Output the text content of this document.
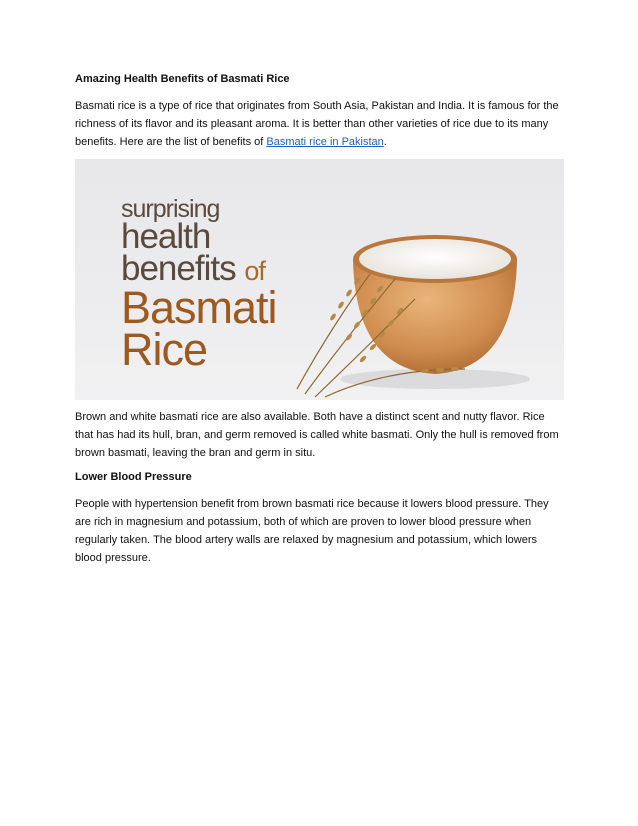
Amazing Health Benefits of Basmati Rice

Basmati rice is a type of rice that originates from South Asia, Pakistan and India. It is famous for the richness of its flavor and its pleasant aroma. It is better than other varieties of rice due to its many benefits. Here are the list of benefits of Basmati rice in Pakistan.

surprising
health
benefits of
Basmati
Rice

Brown and white basmati rice are also available. Both have a distinct scent and nutty flavor. Rice that has had its hull, bran, and germ removed is called white basmati. Only the hull is removed from brown basmati, leaving the bran and germ in situ.

Lower Blood Pressure

People with hypertension benefit from brown basmati rice because it lowers blood pressure. They are rich in magnesium and potassium, both of which are proven to lower blood pressure when regularly taken. The blood artery walls are relaxed by magnesium and potassium, which lowers blood pressure.
